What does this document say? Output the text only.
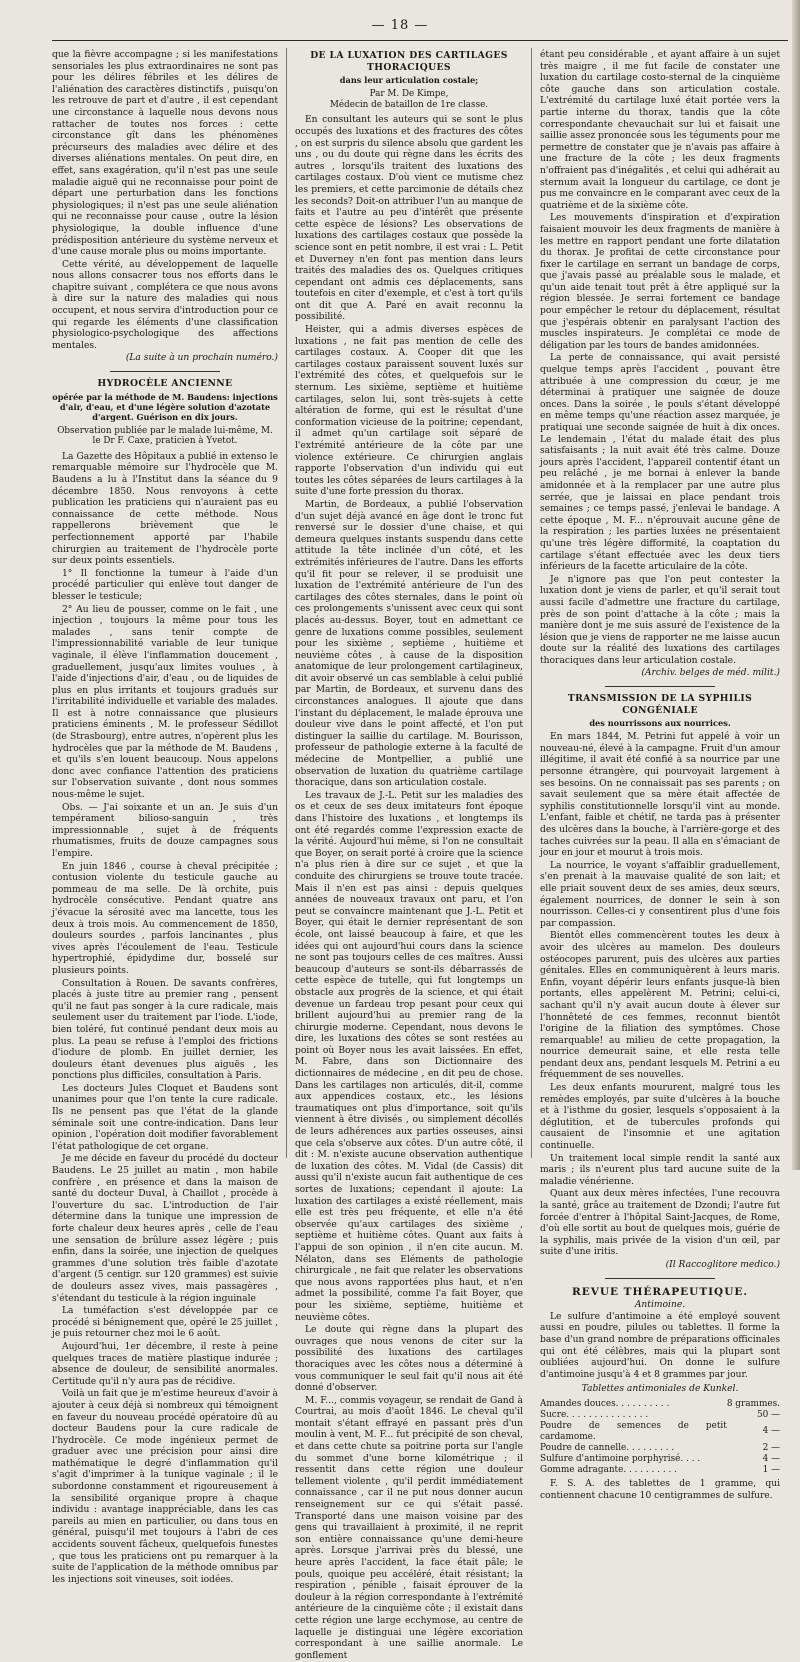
— 18 —

que la fièvre accompagne ; si les manifestations sensoriales les plus extraordinaires ne sont pas pour les délires fébriles et les délires de l'aliénation des caractères distinctifs , puisqu'on les retrouve de part et d'autre , il est cependant une circonstance à laquelle nous devons nous rattacher de toutes nos forces : cette circonstance gît dans les phénomènes précurseurs des maladies avec délire et des diverses aliénations mentales. On peut dire, en effet, sans exagération, qu'il n'est pas une seule maladie aiguë qui ne reconnaisse pour point de départ une perturbation dans les fonctions physiologiques; il n'est pas une seule aliénation qui ne reconnaisse pour cause , outre la lésion physiologique, la double influence d'une prédisposition antérieure du système nerveux et d'une cause morale plus ou moins importante.

Cette vérité, au développement de laquelle nous allons consacrer tous nos efforts dans le chapitre suivant , complétera ce que nous avons à dire sur la nature des maladies qui nous occupent, et nous servira d'introduction pour ce qui regarde les éléments d'une classification physiologico-psychologique des affections mentales.

(La suite à un prochain numéro.)

HYDROCÈLE ANCIENNE
opérée par la méthode de M. Baudens: injections d'air, d'eau, et d'une légère solution d'azotate d'argent. Guérison en dix jours.
Observation publiée par le malade lui-même, M. le Dr F. Caxe, praticien à Yvetot.

La Gazette des Hôpitaux a publié in extenso le remarquable mémoire sur l'hydrocèle que M. Baudens a lu à l'Institut dans la séance du 9 décembre 1850. Nous renvoyons à cette publication les praticiens qui n'auraient pas eu connaissance de cette méthode. Nous rappellerons brièvement que le perfectionnement apporté par l'habile chirurgien au traitement de l'hydrocèle porte sur deux points essentiels.

1° Il fonctionne la tumeur à l'aide d'un procédé particulier qui enlève tout danger de blesser le testicule;

2° Au lieu de pousser, comme on le fait , une injection , toujours la même pour tous les malades , sans tenir compte de l'impressionnabilité variable de leur tunique vaginale, il élève l'inflammation doucement , graduellement, jusqu'aux limites voulues , à l'aide d'injections d'air, d'eau , ou de liquides de plus en plus irritants et toujours gradués sur l'irritabilité individuelle et variable des malades. Il est à notre connaissance que plusieurs praticiens éminents , M. le professeur Sédillot (de Strasbourg), entre autres, n'opèrent plus les hydrocèles que par la méthode de M. Baudens , et qu'ils s'en louent beaucoup. Nous appelons donc avec confiance l'attention des praticiens sur l'observation suivante , dont nous sommes nous-même le sujet.

Obs. — J'ai soixante et un an. Je suis d'un tempérament bilioso-sanguin , très impressionnable , sujet à de fréquents rhumatismes, fruits de douze campagnes sous l'empire.

En juin 1846 , course à cheval précipitée ; contusion violente du testicule gauche au pommeau de ma selle. De là orchite, puis hydrocèle consécutive. Pendant quatre ans j'évacue la sérosité avec ma lancette, tous les deux à trois mois. Au commencement de 1850, douleurs sourdes , parfois lancinantes , plus vives après l'écoulement de l'eau. Testicule hypertrophié, épidydime dur, bosselé sur plusieurs points.

Consultation à Rouen. De savants confrères, placés à juste titre au premier rang , pensent qu'il ne faut pas songer à la cure radicale, mais seulement user du traitement par l'iode. L'iode, bien toléré, fut continué pendant deux mois au plus. La peau se refuse à l'emploi des frictions d'iodure de plomb. En juillet dernier, les douleurs étant devenues plus aiguës , les ponctions plus difficiles, consultation à Paris.

Les docteurs Jules Cloquet et Baudens sont unanimes pour que l'on tente la cure radicale. Ils ne pensent pas que l'état de la glande séminale soit une contre-indication. Dans leur opinion , l'opération doit modifier favorablement l'état pathologique de cet organe.

Je me décide en faveur du procédé du docteur Baudens. Le 25 juillet au matin , mon habile confrère , en présence et dans la maison de santé du docteur Duval, à Chaillot , procède à l'ouverture du sac. L'introduction de l'air détermine dans la tunique une impression de forte chaleur deux heures après , celle de l'eau une sensation de brûlure assez légère ; puis enfin, dans la soirée, une injection de quelques grammes d'une solution très faible d'azotate d'argent (5 centigr. sur 120 grammes) est suivie de douleurs assez vives, mais passagères , s'étendant du testicule à la région inguinale

La tuméfaction s'est développée par ce procédé si bénignement que, opéré le 25 juillet , je puis retourner chez moi le 6 août.

Aujourd'hui, 1er décembre, il reste à peine quelques traces de matière plastique indurée ; absence de douleur, de sensibilité anormales. Certitude qu'il n'y aura pas de récidive.

Voilà un fait que je m'estime heureux d'avoir à ajouter à ceux déjà si nombreux qui témoignent en faveur du nouveau procédé opératoire dû au docteur Baudens pour la cure radicale de l'hydrocèle. Ce mode ingénieux permet de graduer avec une précision pour ainsi dire mathématique le degré d'inflammation qu'il s'agit d'imprimer à la tunique vaginale ; il le subordonne constamment et rigoureusement à la sensibilité organique propre à chaque individu : avantage inappréciable, dans les cas pareils au mien en particulier, ou dans tous en général, puisqu'il met toujours à l'abri de ces accidents souvent fâcheux, quelquefois funestes , que tous les praticiens ont pu remarquer à la suite de l'application de la méthode omnibus par les injections soit vineuses, soit iodées.

DE LA LUXATION DES CARTILAGES THORACIQUES
dans leur articulation costale;
Par M. De Kimpe,
Médecin de bataillon de 1re classe.

En consultant les auteurs qui se sont le plus occupés des luxations et des fractures des côtes , on est surpris du silence absolu que gardent les uns , ou du doute qui règne dans les écrits des autres , lorsqu'ils traitent des luxations des cartilages costaux. D'où vient ce mutisme chez les premiers, et cette parcimonie de détails chez les seconds? Doit-on attribuer l'un au manque de faits et l'autre au peu d'intérêt que présente cette espèce de lésions? Les observations de luxations des cartilages costaux que possède la science sont en petit nombre, il est vrai : L. Petit et Duverney n'en font pas mention dans leurs traités des maladies des os. Quelques critiques cependant ont admis ces déplacements, sans toutefois en citer d'exemple, et c'est à tort qu'ils ont dit que A. Paré en avait reconnu la possibilité.

Heister, qui a admis diverses espèces de luxations , ne fait pas mention de celle des cartilages costaux. A. Cooper dit que les cartilages costaux paraissent souvent luxés sur l'extrémité des côtes, et quelquefois sur le sternum. Les sixième, septième et huitième cartilages, selon lui, sont très-sujets à cette altération de forme, qui est le résultat d'une conformation vicieuse de la poitrine; cependant, il admet qu'un cartilage soit séparé de l'extrémité antérieure de la côte par une violence extérieure. Ce chirurgien anglais rapporte l'observation d'un individu qui eut toutes les côtes séparées de leurs cartilages à la suite d'une forte pression du thorax.

Martin, de Bordeaux, a publié l'observation d'un sujet déjà avancé en âge dont le tronc fut renversé sur le dossier d'une chaise, et qui demeura quelques instants suspendu dans cette attitude la tête inclinée d'un côté, et les extrémités inférieures de l'autre. Dans les efforts qu'il fit pour se relever, il se produisit une luxation de l'extrémité antérieure de l'un des cartilages des côtes sternales, dans le point où ces prolongements s'unissent avec ceux qui sont placés au-dessus. Boyer, tout en admettant ce genre de luxations comme possibles, seulement pour les sixième , septième , huitième et neuvième côtes , à cause de la disposition anatomique de leur prolongement cartilagineux, dit avoir observé un cas semblable à celui publié par Martin, de Bordeaux, et survenu dans des circonstances analogues. Il ajoute que dans l'instant du déplacement, le malade éprouva une douleur vive dans le point affecté, et l'on put distinguer la saillie du cartilage. M. Bourisson, professeur de pathologie externe à la faculté de médecine de Montpellier, a publié une observation de luxation du quatrième cartilage thoracique, dans son articulation costale.

Les travaux de J.-L. Petit sur les maladies des os et ceux de ses deux imitateurs font époque dans l'histoire des luxations , et longtemps ils ont été regardés comme l'expression exacte de la vérité. Aujourd'hui même, si l'on ne consultait que Boyer, on serait porté à croire que la science n'a plus rien à dire sur ce sujet , et que la conduite des chirurgiens se trouve toute tracée. Mais il n'en est pas ainsi : depuis quelques années de nouveaux travaux ont paru, et l'on peut se convaincre maintenant que J.-L. Petit et Boyer, qui était le dernier représentant de son école, ont laissé beaucoup à faire, et que les idées qui ont aujourd'hui cours dans la science ne sont pas toujours celles de ces maîtres. Aussi beaucoup d'auteurs se sont-ils débarrassés de cette espèce de tutelle, qui fut longtemps un obstacle aux progrès de la science, et qui était devenue un fardeau trop pesant pour ceux qui brillent aujourd'hui au premier rang de la chirurgie moderne. Cependant, nous devons le dire, les luxations des côtes se sont restées au point où Boyer nous les avait laissées. En effet, M. Fabre, dans son Dictionnaire des dictionnaires de médecine , en dit peu de chose. Dans les cartilages non articulés, dit-il, comme aux appendices costaux, etc., les lésions traumatiques ont plus d'importance, soit qu'ils viennent à être divisés , ou simplement décollés de leurs adhérences aux parties osseuses, ainsi que cela s'observe aux côtes. D'un autre côté, il dit : M. n'existe aucune observation authentique de luxation des côtes. M. Vidal (de Cassis) dit aussi qu'il n'existe aucun fait authentique de ces sortes de luxations; cependant il ajoute: La luxation des cartilages a existé réellement, mais elle est très peu fréquente, et elle n'a été observée qu'aux cartilages des sixième , septième et huitième côtes. Quant aux faits à l'appui de son opinion , il n'en cite aucun. M. Nélaton, dans ses Eléments de pathologie chirurgicale , ne fait que relater les observations que nous avons rapportées plus haut, et n'en admet la possibilité, comme l'a fait Boyer, que pour les sixième, septième, huitième et neuvième côtes.

Le doute qui règne dans la plupart des ouvrages que nous venons de citer sur la possibilité des luxations des cartilages thoraciques avec les côtes nous a déterminé à vous communiquer le seul fait qu'il nous ait été donné d'observer.

M. F..., commis voyageur, se rendait de Gand à Courtrai, au mois d'août 1846. Le cheval qu'il montait s'étant effrayé en passant près d'un moulin à vent, M. F... fut précipité de son cheval, et dans cette chute sa poitrine porta sur l'angle du sommet d'une borne kilométrique ; il ressentit dans cette région une douleur tellement violente , qu'il perdit immédiatement connaissance , car il ne put nous donner aucun renseignement sur ce qui s'était passé. Transporté dans une maison voisine par des gens qui travaillaient à proximité, il ne reprit son entière connaissance qu'une demi-heure après. Lorsque j'arrivai près du blessé, une heure après l'accident, la face était pâle; le pouls, quoique peu accéléré, était résistant; la respiration , pénible , faisait éprouver de la douleur à la région correspondante à l'extrémité antérieure de la cinquième côte ; il existait dans cette région une large ecchymose, au centre de laquelle je distinguai une légère excoriation correspondant à une saillie anormale. Le gonflement

étant peu considérable , et ayant affaire à un sujet très maigre , il me fut facile de constater une luxation du cartilage costo-sternal de la cinquième côte gauche dans son articulation costale. L'extrémité du cartilage luxé était portée vers la partie interne du thorax, tandis que la côte correspondante chevauchait sur lui et faisait une saillie assez prononcée sous les téguments pour me permettre de constater que je n'avais pas affaire à une fracture de la côte ; les deux fragments n'offraient pas d'inégalités , et celui qui adhérait au sternum avait la longueur du cartilage, ce dont je pus me convaincre en le comparant avec ceux de la quatrième et de la sixième côte.

Les mouvements d'inspiration et d'expiration faisaient mouvoir les deux fragments de manière à les mettre en rapport pendant une forte dilatation du thorax. Je profitai de cette circonstance pour fixer le cartilage en serrant un bandage de corps, que j'avais passé au préalable sous le malade, et qu'un aide tenait tout prêt à être appliqué sur la région blessée. Je serrai fortement ce bandage pour empêcher le retour du déplacement, résultat que j'espérais obtenir en paralysant l'action des muscles inspirateurs. Je complétai ce mode de déligation par les tours de bandes amidonnées.

La perte de connaissance, qui avait persisté quelque temps après l'accident , pouvant être attribuée à une compression du cœur, je me déterminai à pratiquer une saignée de douze onces. Dans la soirée , le pouls s'étant développé en même temps qu'une réaction assez marquée, je pratiquai une seconde saignée de huit à dix onces. Le lendemain , l'état du malade était des plus satisfaisants ; la nuit avait été très calme. Douze jours après l'accident, l'appareil contentif étant un peu relâché , je me bornai à enlever la bande amidonnée et à la remplacer par une autre plus serrée, que je laissai en place pendant trois semaines ; ce temps passé, j'enlevai le bandage. A cette époque , M. F... n'éprouvait aucune gêne de la respiration ; les parties luxées ne présentaient qu'une très légère difformité, la coaptation du cartilage s'étant effectuée avec les deux tiers inférieurs de la facette articulaire de la côte.

Je n'ignore pas que l'on peut contester la luxation dont je viens de parler, et qu'il serait tout aussi facile d'admettre une fracture du cartilage, près de son point d'attache à la côte ; mais la manière dont je me suis assuré de l'existence de la lésion que je viens de rapporter ne me laisse aucun doute sur la réalité des luxations des cartilages thoraciques dans leur articulation costale.

(Archiv. belges de méd. milit.)

TRANSMISSION DE LA SYPHILIS CONGÉNIALE
des nourrissons aux nourrices.

En mars 1844, M. Petrini fut appelé à voir un nouveau-né, élevé à la campagne. Fruit d'un amour illégitime, il avait été confié à sa nourrice par une personne étrangère, qui pourvoyait largement à ses besoins. On ne connaissait pas ses parents ; on savait seulement que sa mère était affectée de syphilis constitutionnelle lorsqu'il vint au monde. L'enfant, faible et chétif, ne tarda pas à présenter des ulcères dans la bouche, à l'arrière-gorge et des taches cuivrées sur la peau. Il alla en s'émaciant de jour en jour et mourut à trois mois.

La nourrice, le voyant s'affaiblir graduellement, s'en prenait à la mauvaise qualité de son lait; et elle priait souvent deux de ses amies, deux sœurs, également nourrices, de donner le sein à son nourrisson. Celles-ci y consentirent plus d'une fois par compassion.

Bientôt elles commencèrent toutes les deux à avoir des ulcères au mamelon. Des douleurs ostéocopes parurent, puis des ulcères aux parties génitales. Elles en communiquèrent à leurs maris. Enfin, voyant dépérir leurs enfants jusque-là bien portants, elles appelèrent M. Petrini; celui-ci, sachant qu'il n'y avait aucun doute à élever sur l'honnêteté de ces femmes, reconnut bientôt l'origine de la filiation des symptômes. Chose remarquable! au milieu de cette propagation, la nourrice demeurait saine, et elle resta telle pendant deux ans, pendant lesquels M. Petrini a eu fréquemment de ses nouvelles.

Les deux enfants moururent, malgré tous les remèdes employés, par suite d'ulcères à la bouche et à l'isthme du gosier, lesquels s'opposaient à la déglutition, et de tubercules profonds qui causaient de l'insomnie et une agitation continuelle.

Un traitement local simple rendit la santé aux maris ; ils n'eurent plus tard aucune suite de la maladie vénérienne.

Quant aux deux mères infectées, l'une recouvra la santé, grâce au traitement de Dzondi; l'autre fut forcée d'entrer à l'hôpital Saint-Jacques, de Rome, d'où elle sortit au bout de quelques mois, guérie de la syphilis, mais privée de la vision d'un œil, par suite d'une iritis.

(Il Raccoglitore medico.)

REVUE THÉRAPEUTIQUE.
Antimoine.

Le sulfure d'antimoine a été employé souvent aussi en poudre, pilules ou tablettes. Il forme la base d'un grand nombre de préparations officinales qui ont été célèbres, mais qui la plupart sont oubliées aujourd'hui. On donne le sulfure d'antimoine jusqu'à 4 et 8 grammes par jour.

Tablettes antimoniales de Kunkel.
Amandes douces. . . . . . . . . .	8 grammes.
Sucre. . . . . . . . . . . . . . .	50 —
Poudre de semences de petit cardamome.	4 —
Poudre de cannelle. . . . . . . . .	2 —
Sulfure d'antimoine porphyrisé. . . .	4 —
Gomme adragante. . . . . . . . . .	1 —

F. S. A. des tablettes de 1 gramme, qui contiennent chacune 10 centigrammes de sulfure.
